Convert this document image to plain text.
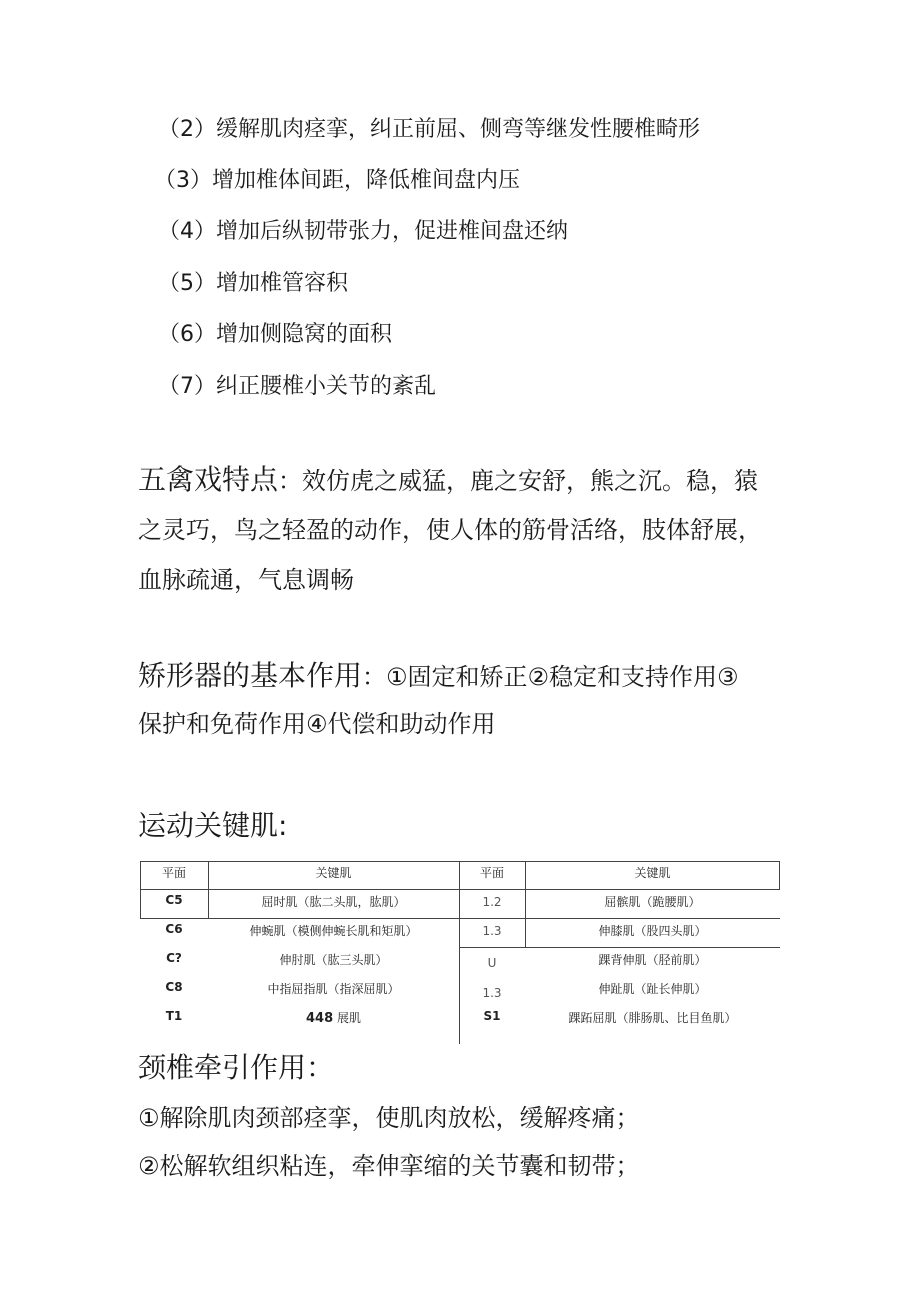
（2）缓解肌肉痉挛，纠正前屈、侧弯等继发性腰椎畸形
（3）增加椎体间距，降低椎间盘内压
（4）增加后纵韧带张力，促进椎间盘还纳
（5）增加椎管容积
（6）增加侧隐窝的面积
（7）纠正腰椎小关节的紊乱
五禽戏特点：效仿虎之威猛，鹿之安舒，熊之沉。稳，猿
之灵巧，鸟之轻盈的动作，使人体的筋骨活络，肢体舒展，
血脉疏通，气息调畅
矫形器的基本作用：①固定和矫正②稳定和支持作用③
保护和免荷作用④代偿和助动作用
运动关键肌:
平面	关键肌	平面	关键肌
C5	屈时肌（肱二头肌，肱肌）	1.2	屈髌肌（跪腰肌）
C6	伸蜿肌（模侧伸蜿长肌和矩肌）	1.3	伸膝肌（股四头肌）
C?	伸肘肌（肱三头肌）	U	踝背伸肌（胫前肌）
C8	中指屈指肌（指深屈肌）	1.3	伸趾肌（趾长伸肌）
T1	448 展肌	S1	踝跖屈肌（腓肠肌、比目鱼肌）
颈椎牵引作用：
①解除肌肉颈部痉挛，使肌肉放松，缓解疼痛；
②松解软组织粘连，牵伸挛缩的关节囊和韧带；
